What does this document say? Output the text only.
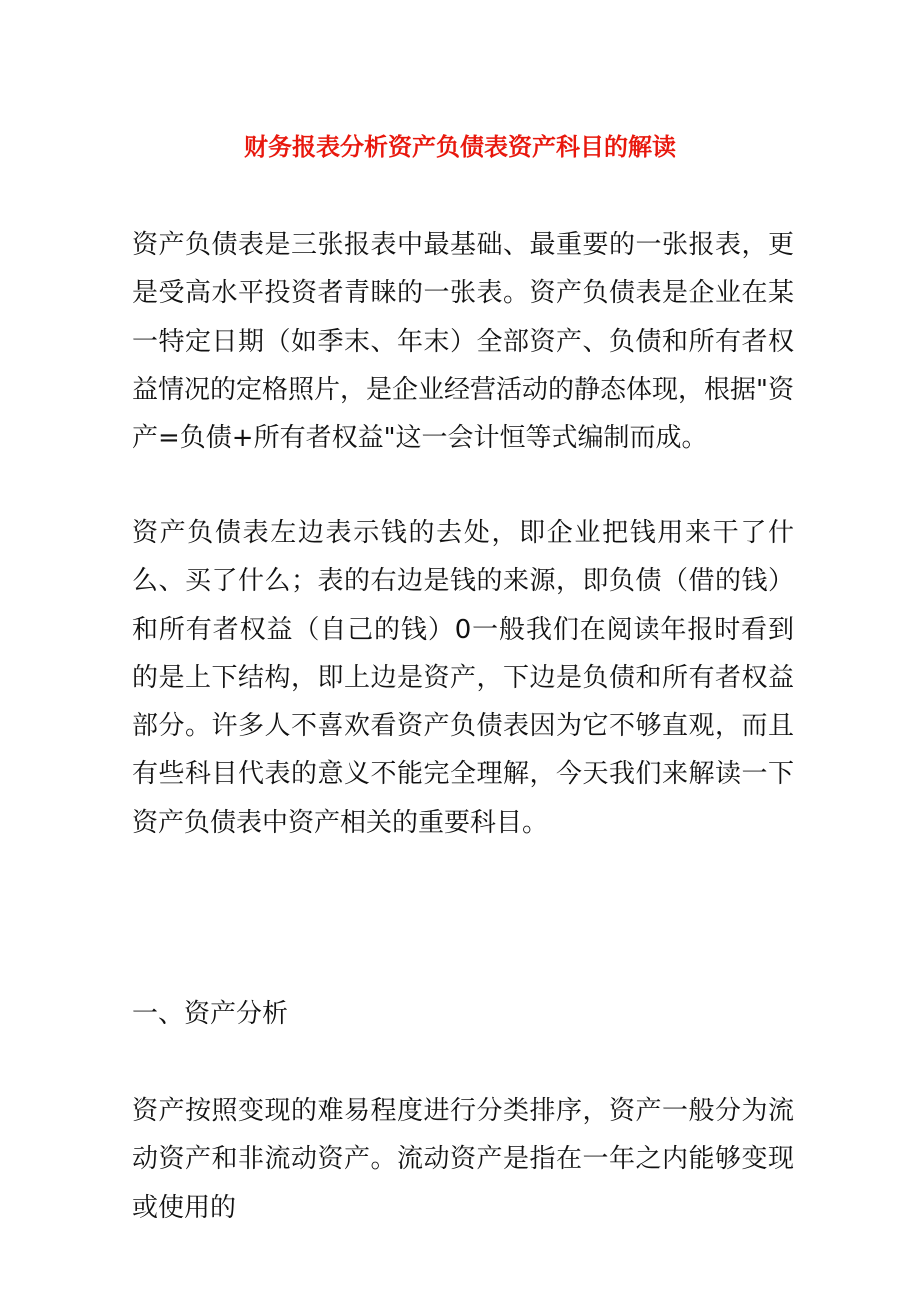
财务报表分析资产负债表资产科目的解读

资产负债表是三张报表中最基础、最重要的一张报表，更是受高水平投资者青睐的一张表。资产负债表是企业在某一特定日期（如季末、年末）全部资产、负债和所有者权益情况的定格照片，是企业经营活动的静态体现，根据"资产=负债+所有者权益"这一会计恒等式编制而成。

资产负债表左边表示钱的去处，即企业把钱用来干了什么、买了什么；表的右边是钱的来源，即负债（借的钱）和所有者权益（自己的钱）0一般我们在阅读年报时看到的是上下结构，即上边是资产，下边是负债和所有者权益部分。许多人不喜欢看资产负债表因为它不够直观，而且有些科目代表的意义不能完全理解，今天我们来解读一下资产负债表中资产相关的重要科目。

一、资产分析

资产按照变现的难易程度进行分类排序，资产一般分为流动资产和非流动资产。流动资产是指在一年之内能够变现或使用的
